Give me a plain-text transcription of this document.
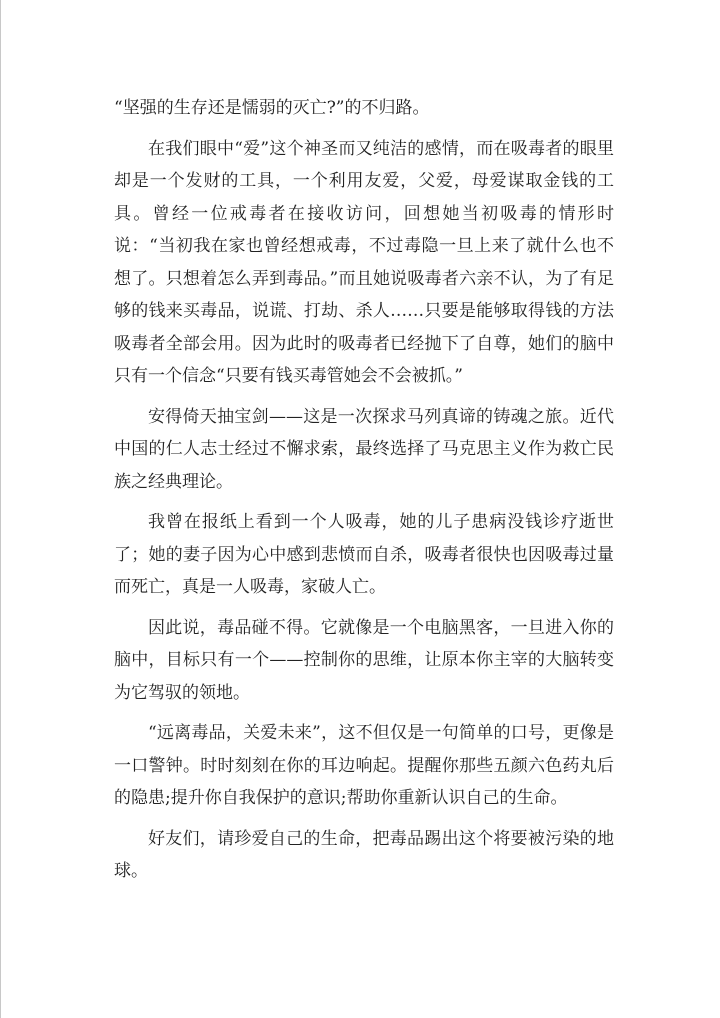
“坚强的生存还是懦弱的灭亡?”的不归路。

在我们眼中“爱”这个神圣而又纯洁的感情，而在吸毒者的眼里却是一个发财的工具，一个利用友爱，父爱，母爱谋取金钱的工具。曾经一位戒毒者在接收访问，回想她当初吸毒的情形时说：“当初我在家也曾经想戒毒，不过毒隐一旦上来了就什么也不想了。只想着怎么弄到毒品。”而且她说吸毒者六亲不认，为了有足够的钱来买毒品，说谎、打劫、杀人……只要是能够取得钱的方法吸毒者全部会用。因为此时的吸毒者已经抛下了自尊，她们的脑中只有一个信念“只要有钱买毒管她会不会被抓。”

安得倚天抽宝剑——这是一次探求马列真谛的铸魂之旅。近代中国的仁人志士经过不懈求索，最终选择了马克思主义作为救亡民族之经典理论。

我曾在报纸上看到一个人吸毒，她的儿子患病没钱诊疗逝世了；她的妻子因为心中感到悲愤而自杀，吸毒者很快也因吸毒过量而死亡，真是一人吸毒，家破人亡。

因此说，毒品碰不得。它就像是一个电脑黑客，一旦进入你的脑中，目标只有一个——控制你的思维，让原本你主宰的大脑转变为它驾驭的领地。

“远离毒品，关爱未来”，这不但仅是一句简单的口号，更像是一口警钟。时时刻刻在你的耳边响起。提醒你那些五颜六色药丸后的隐患;提升你自我保护的意识;帮助你重新认识自己的生命。

好友们，请珍爱自己的生命，把毒品踢出这个将要被污染的地球。
